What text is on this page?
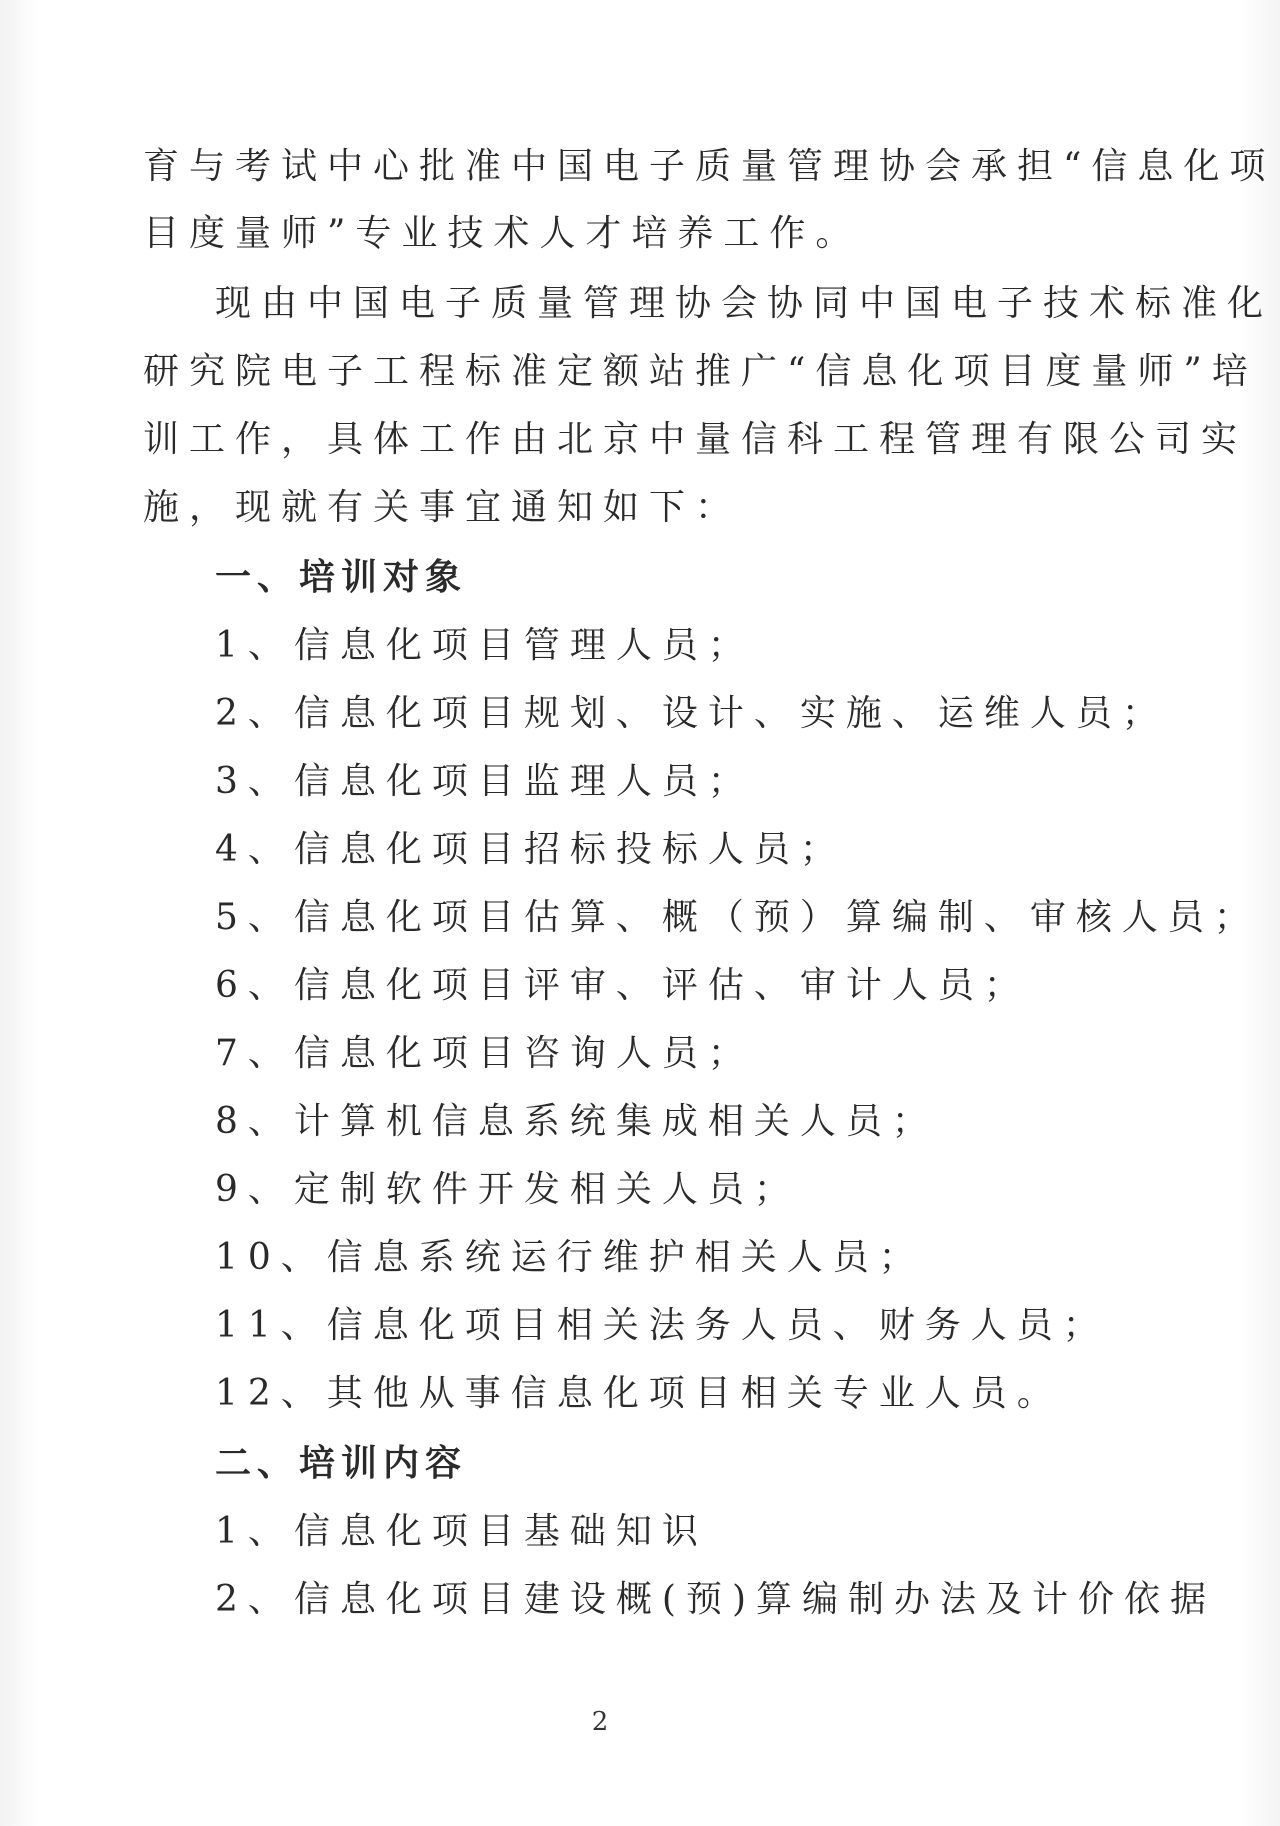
育与考试中心批准中国电子质量管理协会承担“信息化项
目度量师”专业技术人才培养工作。
现由中国电子质量管理协会协同中国电子技术标准化
研究院电子工程标准定额站推广“信息化项目度量师”培
训工作，具体工作由北京中量信科工程管理有限公司实
施，现就有关事宜通知如下：
一、培训对象
1、信息化项目管理人员；
2、信息化项目规划、设计、实施、运维人员；
3、信息化项目监理人员；
4、信息化项目招标投标人员；
5、信息化项目估算、概（预）算编制、审核人员；
6、信息化项目评审、评估、审计人员；
7、信息化项目咨询人员；
8、计算机信息系统集成相关人员；
9、定制软件开发相关人员；
10、信息系统运行维护相关人员；
11、信息化项目相关法务人员、财务人员；
12、其他从事信息化项目相关专业人员。
二、培训内容
1、信息化项目基础知识
2、信息化项目建设概(预)算编制办法及计价依据
2
